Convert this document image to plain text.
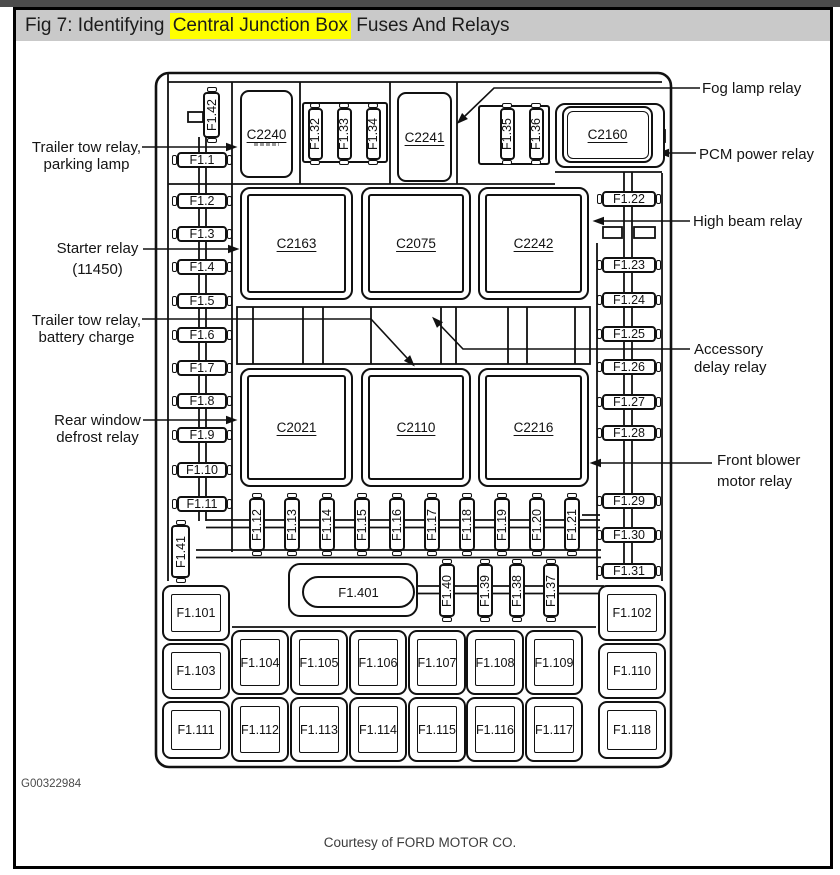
Fig 7: Identifying Central Junction Box Fuses And Relays
C2240	C2241	C2160
C2163	C2075	C2242
C2021	C2110	C2216
F1.1
F1.2
F1.3
F1.4
F1.5
F1.6
F1.7
F1.8
F1.9
F1.10
F1.11
F1.22
F1.23
F1.24
F1.25
F1.26
F1.27
F1.28
F1.29
F1.30
F1.31
F1.32 F1.33 F1.34	F1.35 F1.36
F1.42
F1.41
F1.12 F1.13 F1.14 F1.15 F1.16 F1.17 F1.18 F1.19 F1.20 F1.21
F1.40 F1.39 F1.38 F1.37
F1.401
F1.101	F1.102
F1.103	F1.110
F1.111	F1.118
F1.104
F1.112
F1.105
F1.113
F1.106
F1.114
F1.107
F1.115
F1.108
F1.116
F1.109
F1.117
Trailer tow relay,
parking lamp
Starter relay
(11450)
Trailer tow relay,
battery charge
Rear window
defrost relay
Fog lamp relay
PCM power relay
High beam relay
Accessory
delay relay
Front blower
motor relay
G00322984
Courtesy of FORD MOTOR CO.
